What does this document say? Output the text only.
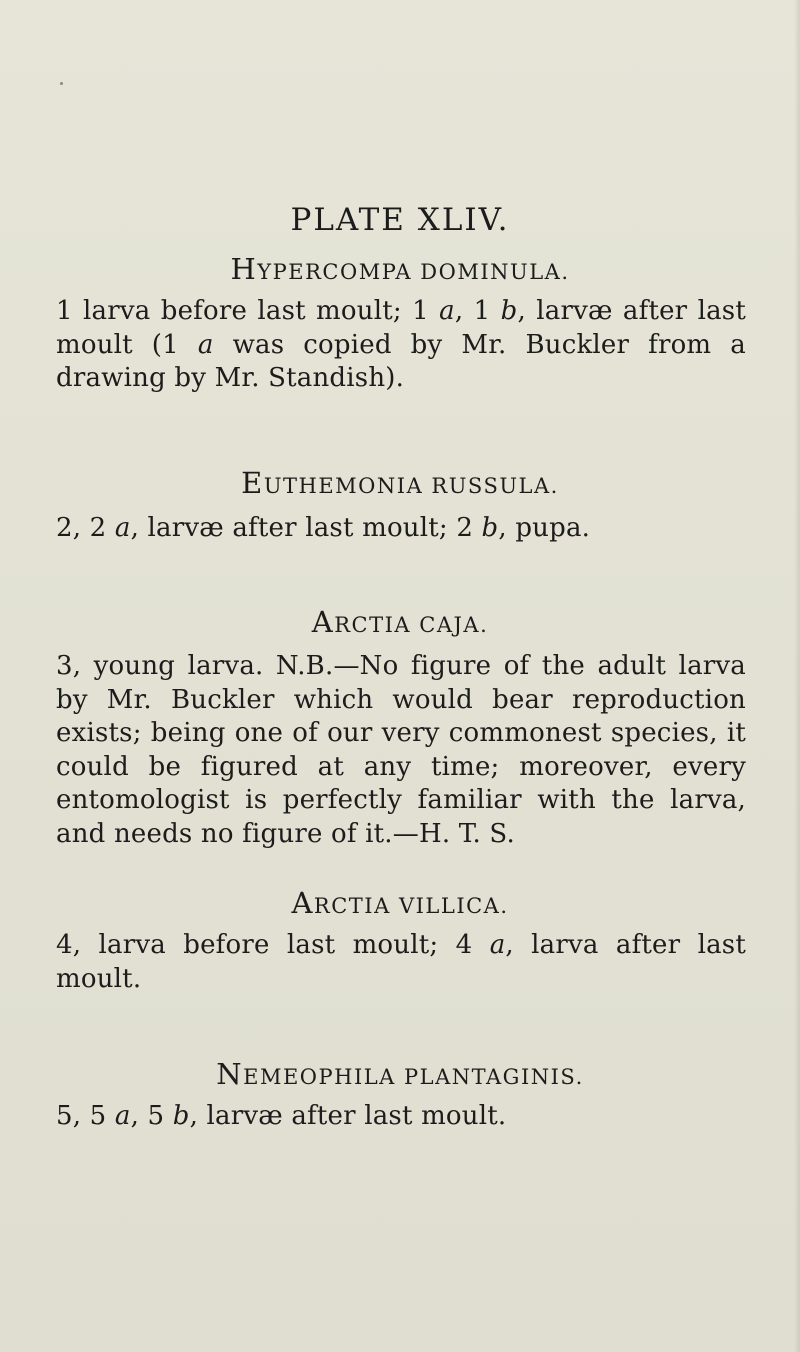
PLATE XLIV.
HYPERCOMPA DOMINULA.
1 larva before last moult; 1 a, 1 b, larvæ after last moult (1 a was copied by Mr. Buckler from a drawing by Mr. Standish).
EUTHEMONIA RUSSULA.
2, 2 a, larvæ after last moult; 2 b, pupa.
ARCTIA CAJA.
3, young larva. N.B.—No figure of the adult larva by Mr. Buckler which would bear reproduction exists; being one of our very commonest species, it could be figured at any time; moreover, every entomologist is perfectly familiar with the larva, and needs no figure of it.—H. T. S.
ARCTIA VILLICA.
4, larva before last moult; 4 a, larva after last moult.
NEMEOPHILA PLANTAGINIS.
5, 5 a, 5 b, larvæ after last moult.
